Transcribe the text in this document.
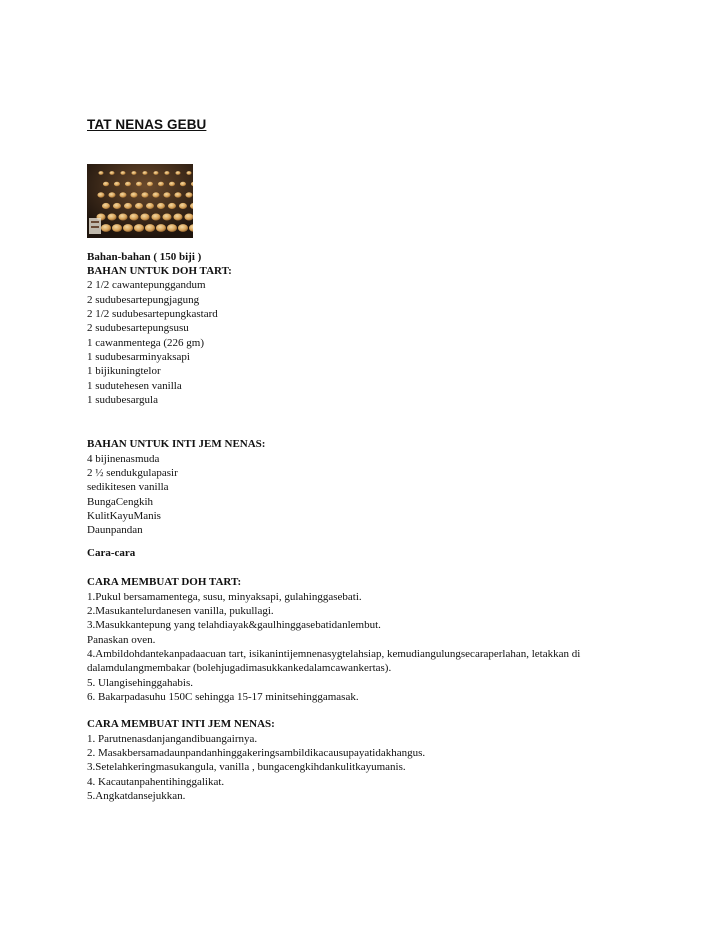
TAT NENAS GEBU
Bahan-bahan ( 150 biji )
BAHAN UNTUK DOH TART:
2 1/2 cawantepunggandum
2 sudubesartepungjagung
2 1/2 sudubesartepungkastard
2 sudubesartepungsusu
1 cawanmentega (226 gm)
1 sudubesarminyaksapi
1 bijikuningtelor
1 sudutehesen vanilla
1 sudubesargula
BAHAN UNTUK INTI JEM NENAS:
4 bijinenasmuda
2 ½ sendukgulapasir
sedikitesen vanilla
BungaCengkih
KulitKayuManis
Daunpandan
Cara-cara
CARA MEMBUAT DOH TART:
1.Pukul bersamamentega, susu, minyaksapi, gulahinggasebati.
2.Masukantelurdanesen vanilla, pukullagi.
3.Masukkantepung yang telahdiayak&gaulhinggasebatidanlembut.
Panaskan oven.
4.Ambildohdantekanpadaacuan tart, isikanintijemnenasygtelahsiap, kemudiangulungsecaraperlahan, letakkan di
dalamdulangmembakar (bolehjugadimasukkankedalamcawankertas).
5. Ulangisehinggahabis.
6. Bakarpadasuhu 150C sehingga 15-17 minitsehinggamasak.
CARA MEMBUAT INTI JEM NENAS:
1. Parutnenasdanjangandibuangairnya.
2. Masakbersamadaunpandanhinggakeringsambildikacausupayatidakhangus.
3.Setelahkeringmasukangula, vanilla , bungacengkihdankulitkayumanis.
4. Kacautanpahentihinggalikat.
5.Angkatdansejukkan.
